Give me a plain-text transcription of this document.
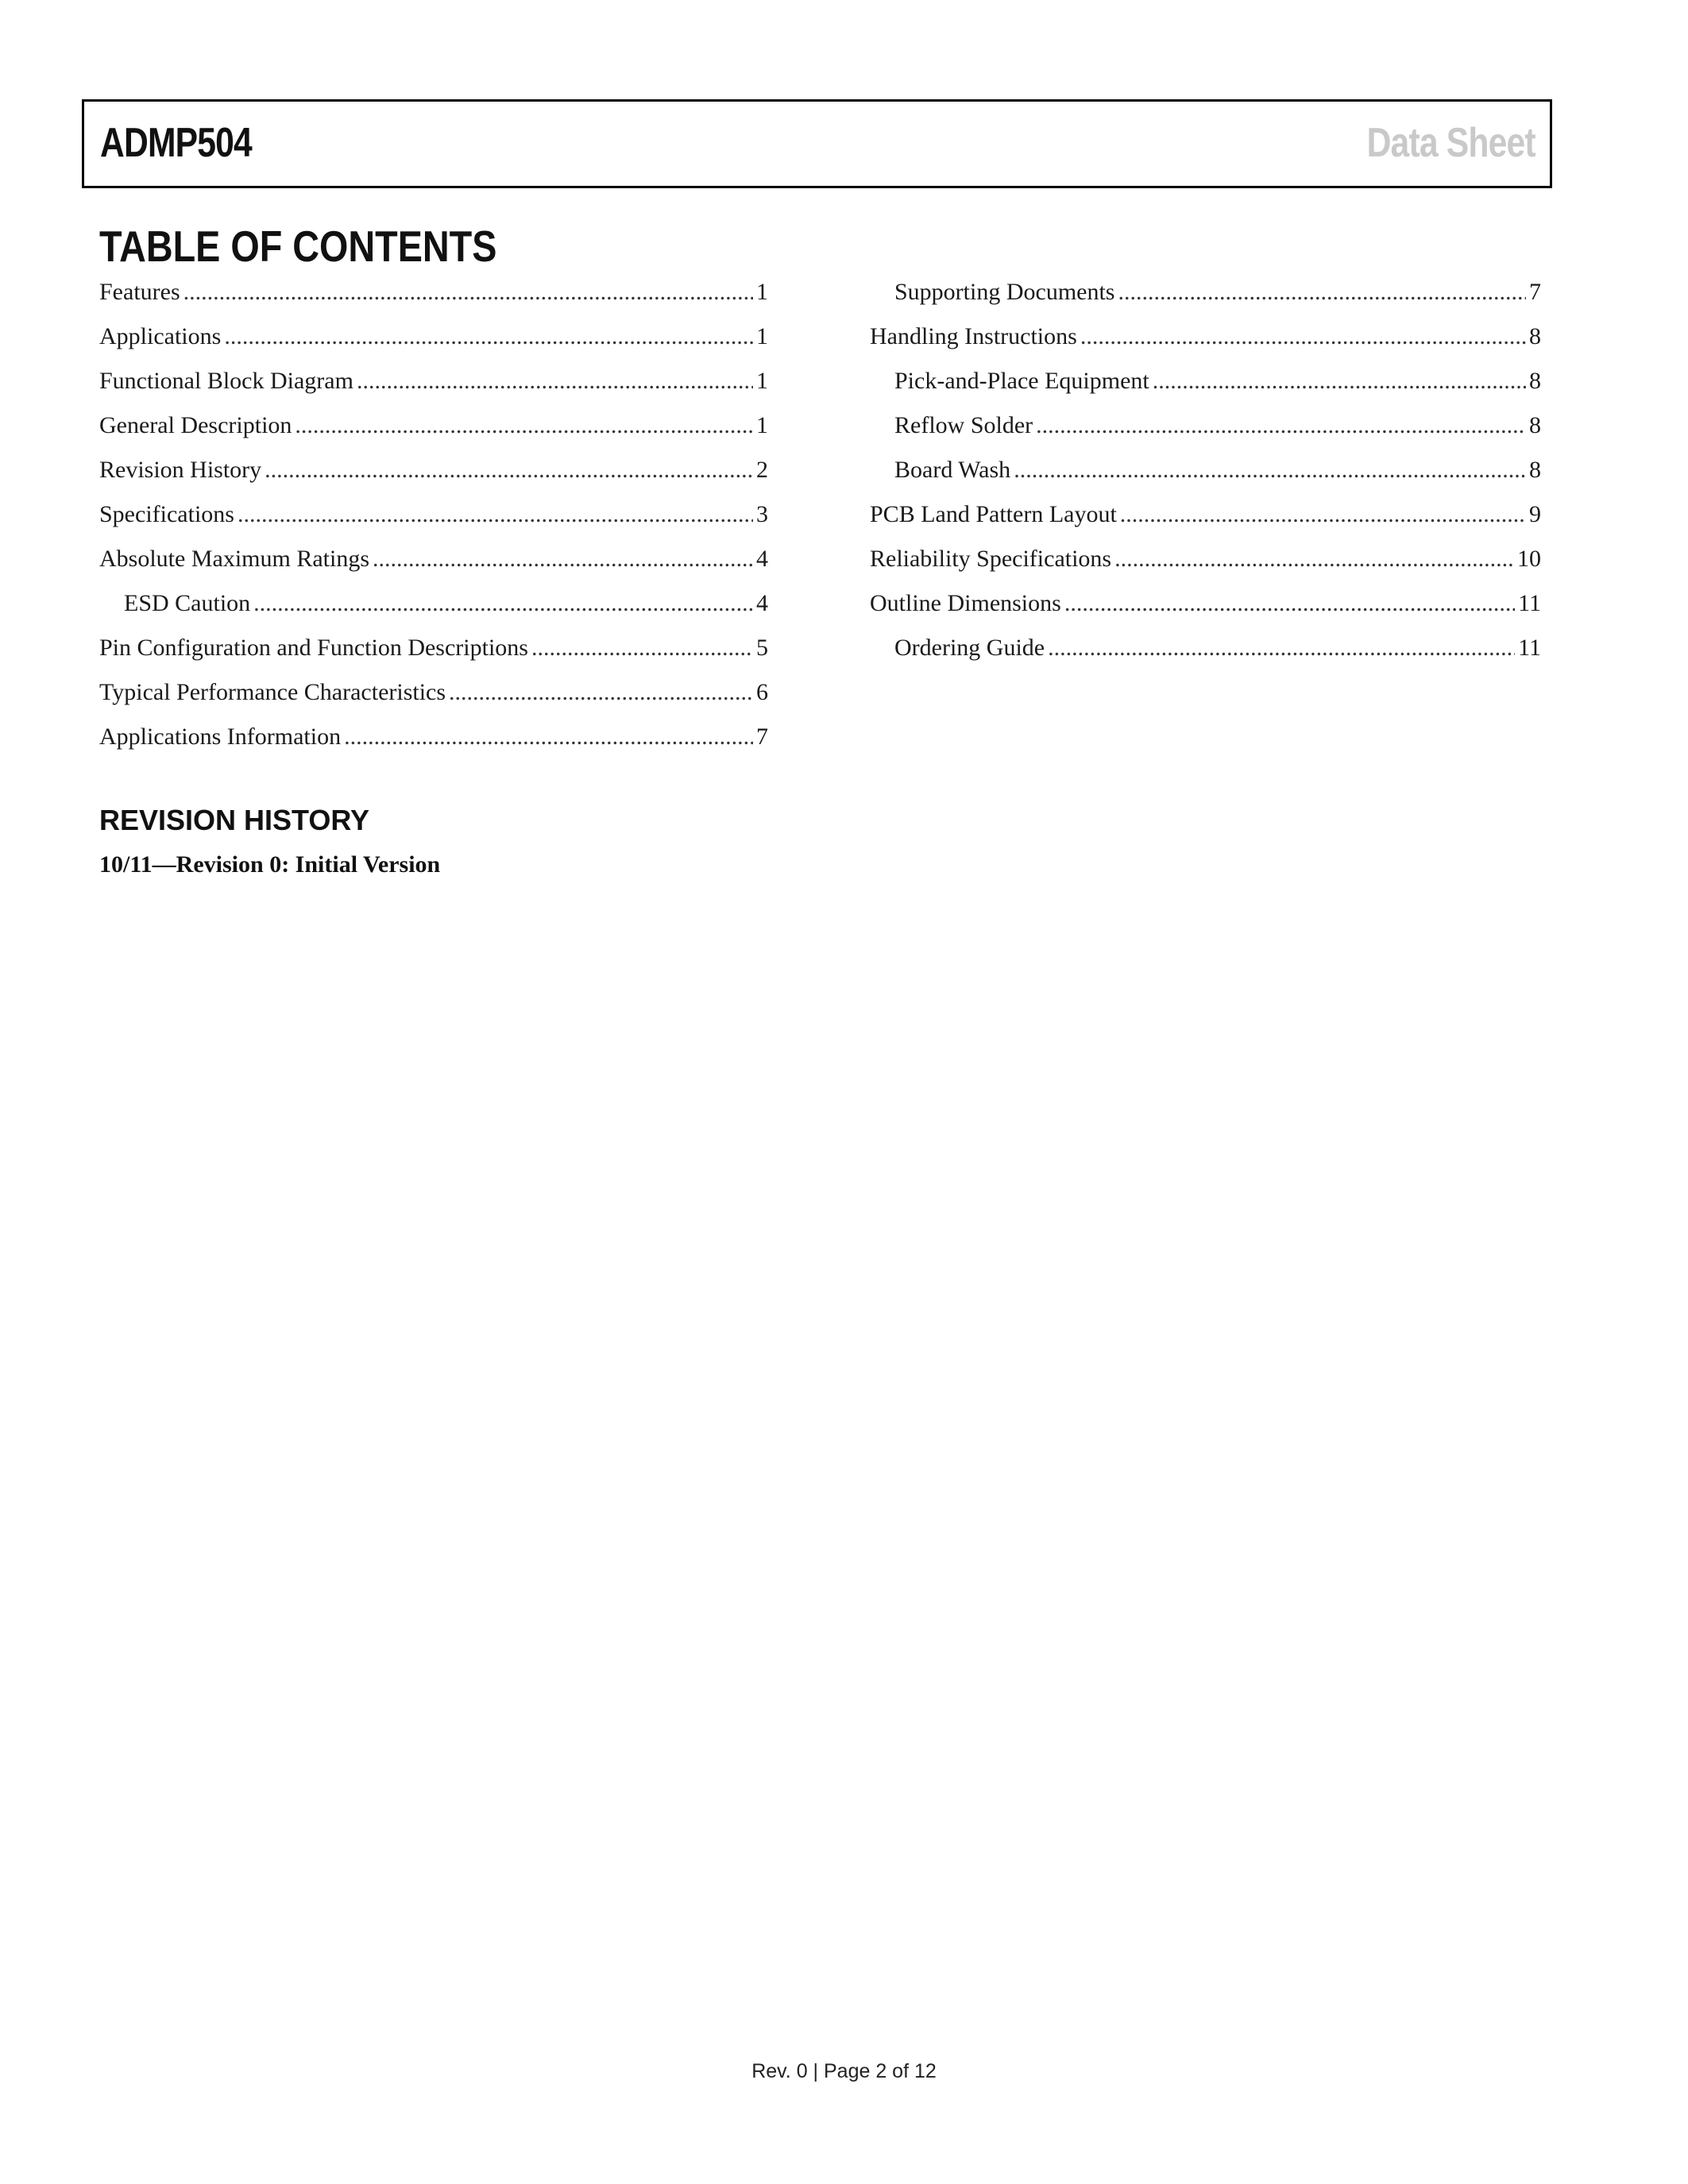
ADMP504	Data Sheet
TABLE OF CONTENTS
Features .....	1
Applications .....	1
Functional Block Diagram .....	1
General Description .....	1
Revision History .....	2
Specifications .....	3
Absolute Maximum Ratings .....	4
ESD Caution .....	4
Pin Configuration and Function Descriptions .....	5
Typical Performance Characteristics .....	6
Applications Information .....	7
Supporting Documents .....	7
Handling Instructions .....	8
Pick-and-Place Equipment .....	8
Reflow Solder .....	8
Board Wash .....	8
PCB Land Pattern Layout .....	9
Reliability Specifications .....	10
Outline Dimensions .....	11
Ordering Guide .....	11
REVISION HISTORY
10/11—Revision 0: Initial Version
Rev. 0 | Page 2 of 12
